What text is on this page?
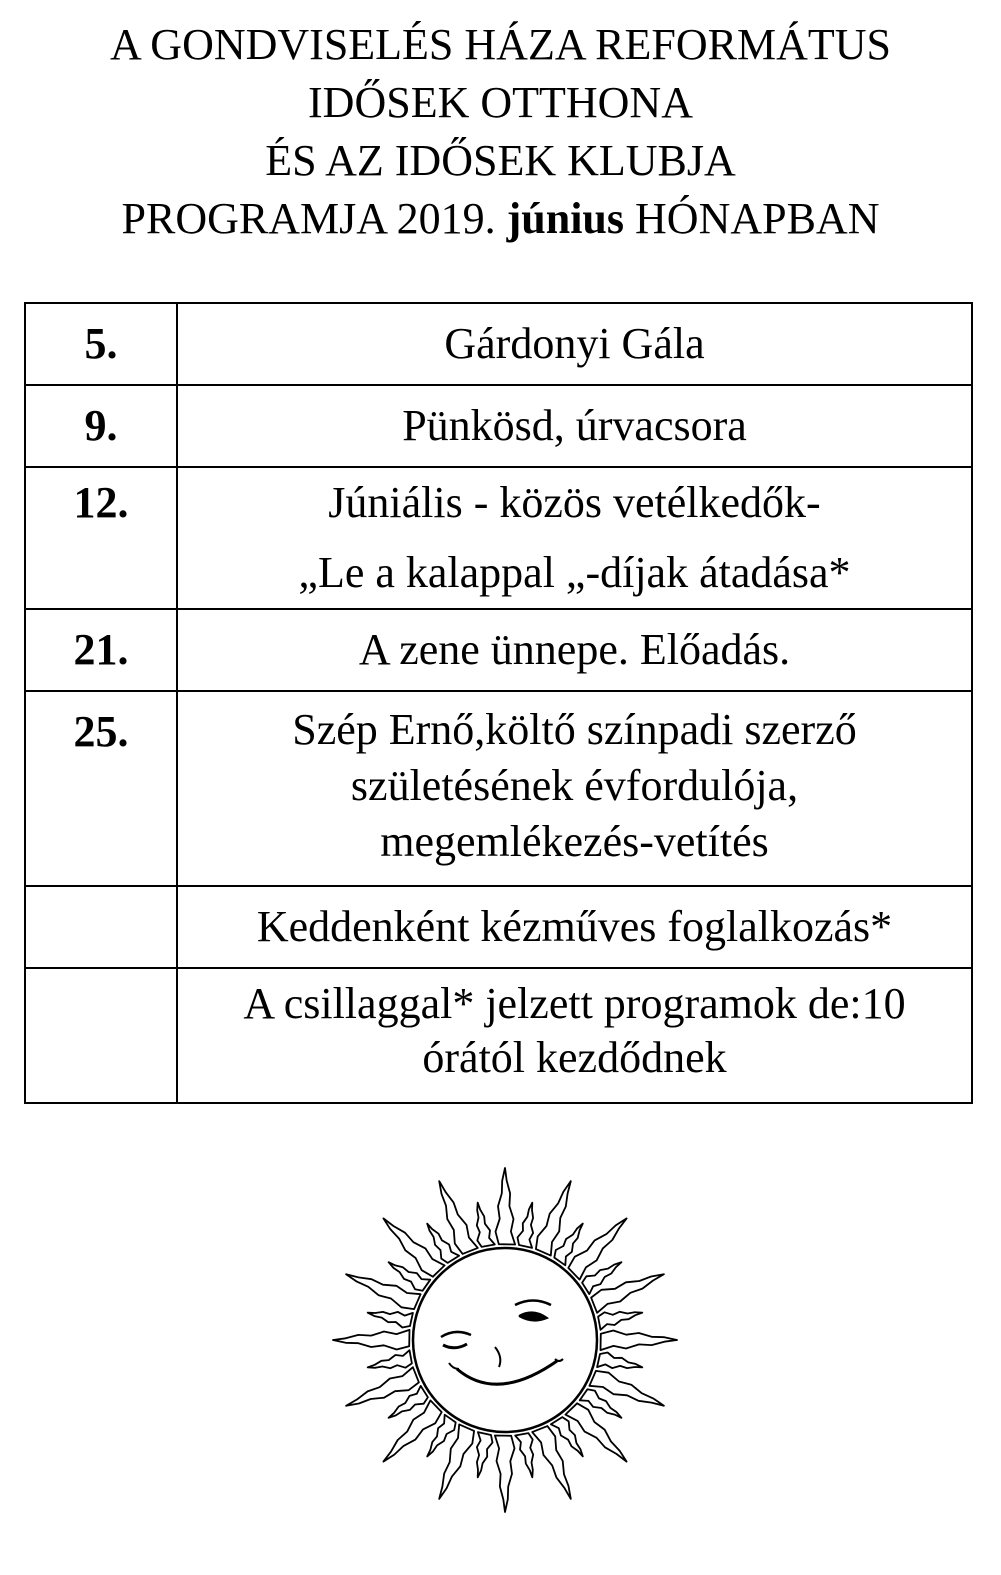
A GONDVISELÉS HÁZA REFORMÁTUS
IDŐSEK OTTHONA
ÉS AZ IDŐSEK KLUBJA
PROGRAMJA 2019. június HÓNAPBAN
5.	Gárdonyi Gála

9.	Pünkösd, úrvacsora

12.	Júniális - közös vetélkedők-
„Le a kalappal „-díjak átadása*

21.	A zene ünnepe. Előadás.

25.	Szép Ernő,költő színpadi szerző
születésének évfordulója,
megemlékezés-vetítés

	Keddenként kézműves foglalkozás*

	A csillaggal* jelzett programok de:10
órától kezdődnek
